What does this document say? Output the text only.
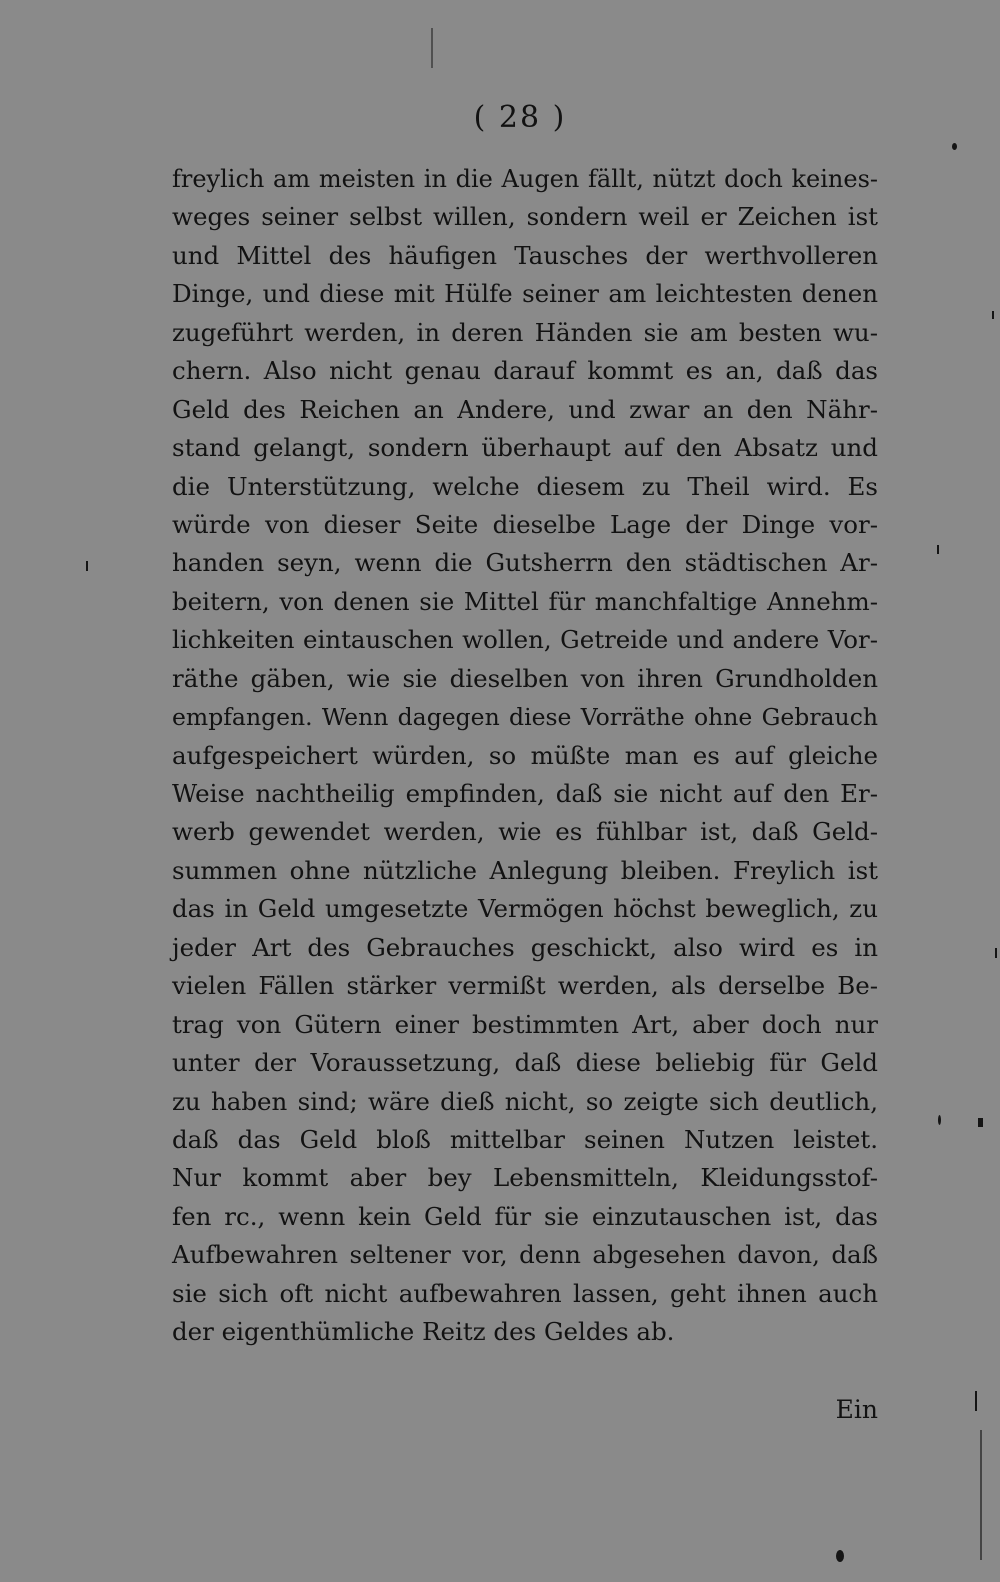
( 28 )
freylich am meisten in die Augen fällt, nützt doch keines-
weges seiner selbst willen, sondern weil er Zeichen ist
und Mittel des häufigen Tausches der werthvolleren
Dinge, und diese mit Hülfe seiner am leichtesten denen
zugeführt werden, in deren Händen sie am besten wu-
chern. Also nicht genau darauf kommt es an, daß das
Geld des Reichen an Andere, und zwar an den Nähr-
stand gelangt, sondern überhaupt auf den Absatz und
die Unterstützung, welche diesem zu Theil wird. Es
würde von dieser Seite dieselbe Lage der Dinge vor-
handen seyn, wenn die Gutsherrn den städtischen Ar-
beitern, von denen sie Mittel für manchfaltige Annehm-
lichkeiten eintauschen wollen, Getreide und andere Vor-
räthe gäben, wie sie dieselben von ihren Grundholden
empfangen. Wenn dagegen diese Vorräthe ohne Gebrauch
aufgespeichert würden, so müßte man es auf gleiche
Weise nachtheilig empfinden, daß sie nicht auf den Er-
werb gewendet werden, wie es fühlbar ist, daß Geld-
summen ohne nützliche Anlegung bleiben. Freylich ist
das in Geld umgesetzte Vermögen höchst beweglich, zu
jeder Art des Gebrauches geschickt, also wird es in
vielen Fällen stärker vermißt werden, als derselbe Be-
trag von Gütern einer bestimmten Art, aber doch nur
unter der Voraussetzung, daß diese beliebig für Geld
zu haben sind; wäre dieß nicht, so zeigte sich deutlich,
daß das Geld bloß mittelbar seinen Nutzen leistet.
Nur kommt aber bey Lebensmitteln, Kleidungsstof-
fen rc., wenn kein Geld für sie einzutauschen ist, das
Aufbewahren seltener vor, denn abgesehen davon, daß
sie sich oft nicht aufbewahren lassen, geht ihnen auch
der eigenthümliche Reitz des Geldes ab.
Ein
